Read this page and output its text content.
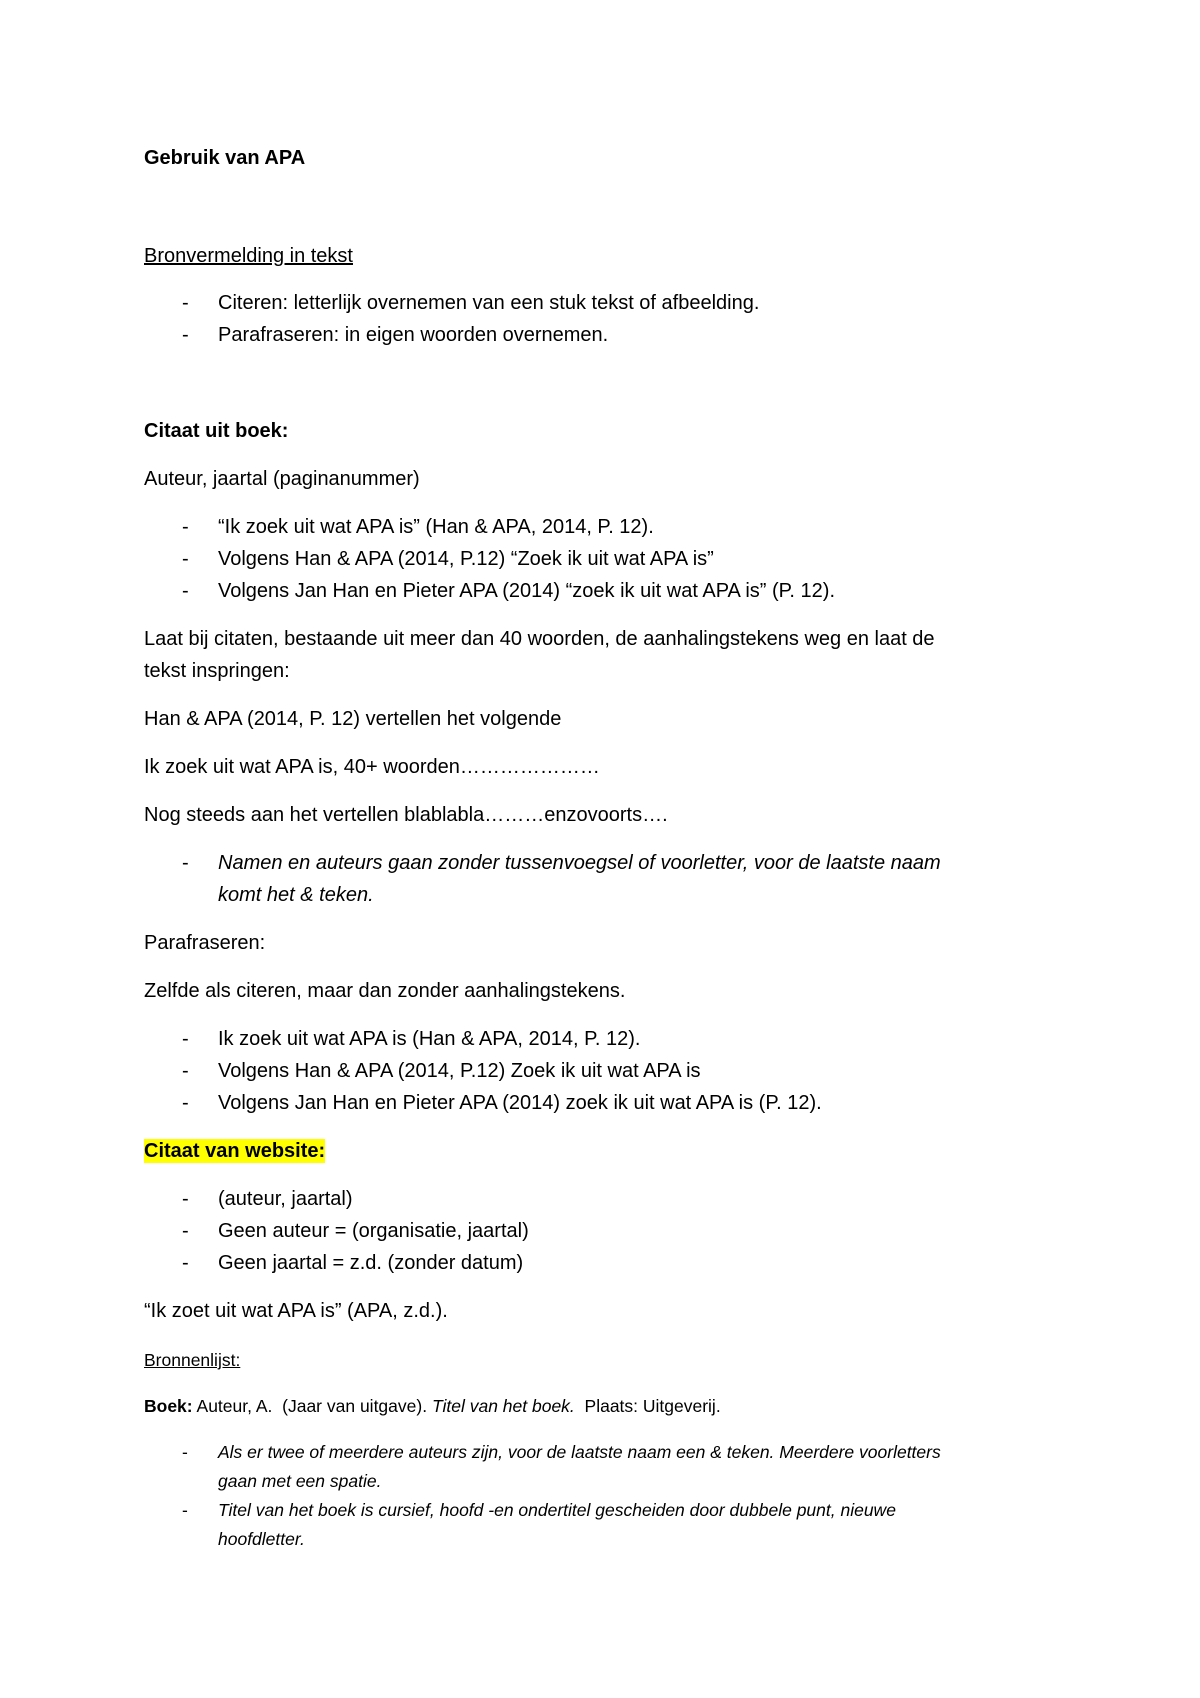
Gebruik van APA
Bronvermelding in tekst
- Citeren: letterlijk overnemen van een stuk tekst of afbeelding.
- Parafraseren: in eigen woorden overnemen.
Citaat uit boek:
Auteur, jaartal (paginanummer)
- “Ik zoek uit wat APA is” (Han & APA, 2014, P. 12).
- Volgens Han & APA (2014, P.12) “Zoek ik uit wat APA is”
- Volgens Jan Han en Pieter APA (2014) “zoek ik uit wat APA is” (P. 12).
Laat bij citaten, bestaande uit meer dan 40 woorden, de aanhalingstekens weg en laat de
tekst inspringen:
Han & APA (2014, P. 12) vertellen het volgende
Ik zoek uit wat APA is, 40+ woorden…………………
Nog steeds aan het vertellen blablabla………enzovoorts….
- Namen en auteurs gaan zonder tussenvoegsel of voorletter, voor de laatste naam
komt het & teken.
Parafraseren:
Zelfde als citeren, maar dan zonder aanhalingstekens.
- Ik zoek uit wat APA is (Han & APA, 2014, P. 12).
- Volgens Han & APA (2014, P.12) Zoek ik uit wat APA is
- Volgens Jan Han en Pieter APA (2014) zoek ik uit wat APA is (P. 12).
Citaat van website:
- (auteur, jaartal)
- Geen auteur = (organisatie, jaartal)
- Geen jaartal = z.d. (zonder datum)
“Ik zoet uit wat APA is” (APA, z.d.).
Bronnenlijst:
Boek: Auteur, A.  (Jaar van uitgave). Titel van het boek.  Plaats: Uitgeverij.
- Als er twee of meerdere auteurs zijn, voor de laatste naam een & teken. Meerdere voorletters
gaan met een spatie.
- Titel van het boek is cursief, hoofd -en ondertitel gescheiden door dubbele punt, nieuwe
hoofdletter.
